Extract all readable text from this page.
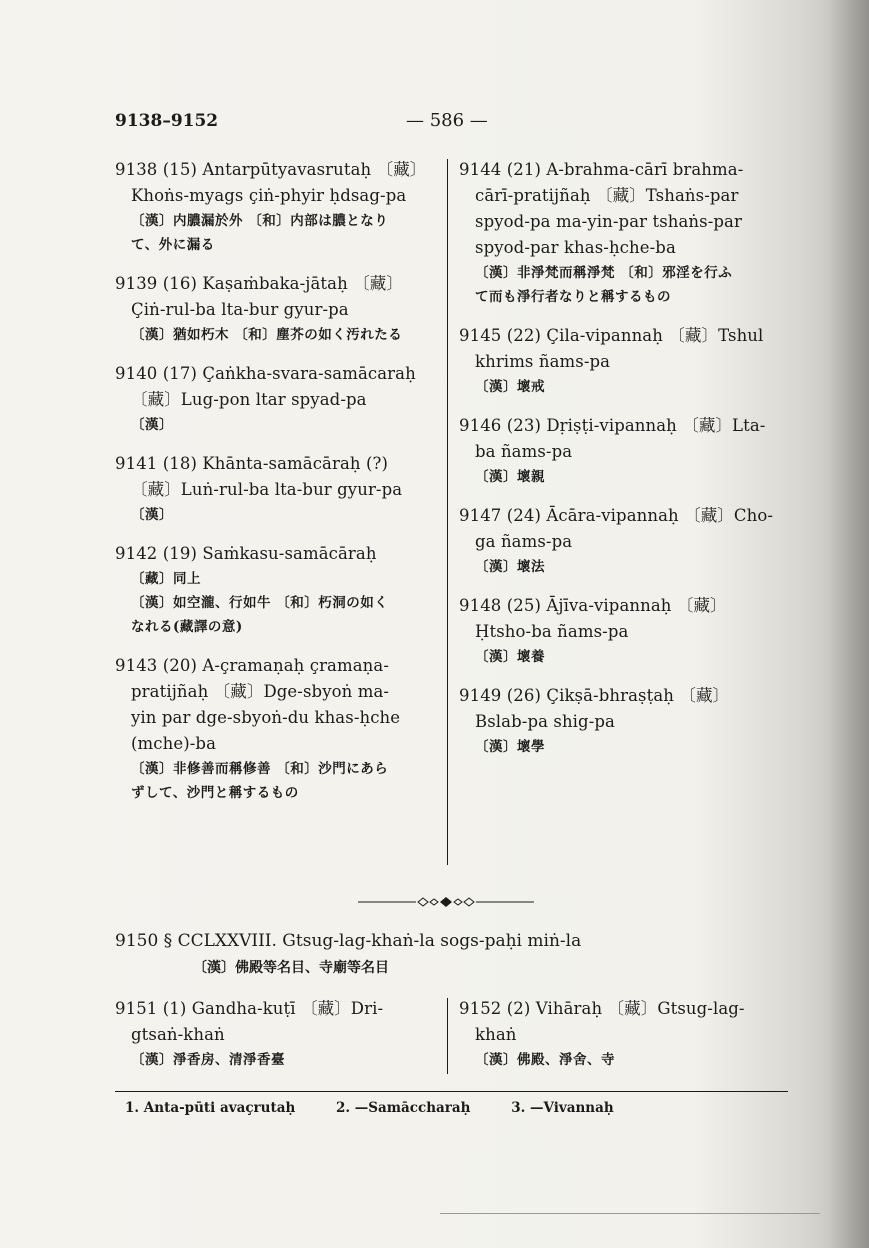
9138–9152	— 586 —
9138 (15) Antarpūtyavasrutaḥ 〔藏〕
Khoṅs-myags çiṅ-phyir ḥdsag-pa
〔漢〕内膿漏於外 〔和〕内部は膿となり
て、外に漏る
9139 (16) Kaṣaṁbaka-jātaḥ 〔藏〕
Çiṅ-rul-ba lta-bur gyur-pa
〔漢〕猶如朽木 〔和〕塵芥の如く汚れたる
9140 (17) Çaṅkha-svara-samācaraḥ
〔藏〕Lug-pon ltar spyad-pa
〔漢〕
9141 (18) Khānta-samācāraḥ (?)
〔藏〕Luṅ-rul-ba lta-bur gyur-pa
〔漢〕
9142 (19) Saṁkasu-samācāraḥ
〔藏〕同上
〔漢〕如空瀧、行如牛 〔和〕朽洞の如く
なれる(藏譯の意)
9143 (20) A-çramaṇaḥ çramaṇa-
pratijñaḥ 〔藏〕Dge-sbyoṅ ma-
yin par dge-sbyoṅ-du khas-ḥche
(mche)-ba
〔漢〕非修善而稱修善 〔和〕沙門にあら
ずして、沙門と稱するもの
9144 (21) A-brahma-cārī brahma-
cārī-pratijñaḥ 〔藏〕Tshaṅs-par
spyod-pa ma-yin-par tshaṅs-par
spyod-par khas-ḥche-ba
〔漢〕非淨梵而稱淨梵 〔和〕邪淫を行ふ
て而も淨行者なりと稱するもの
9145 (22) Çila-vipannaḥ 〔藏〕Tshul
khrims ñams-pa
〔漢〕壞戒
9146 (23) Dṛiṣṭi-vipannaḥ 〔藏〕Lta-
ba ñams-pa
〔漢〕壞親
9147 (24) Ācāra-vipannaḥ 〔藏〕Cho-
ga ñams-pa
〔漢〕壞法
9148 (25) Ājīva-vipannaḥ 〔藏〕
Ḥtsho-ba ñams-pa
〔漢〕壞養
9149 (26) Çikṣā-bhraṣṭaḥ 〔藏〕
Bslab-pa shig-pa
〔漢〕壞學
9150 § CCLXXVIII. Gtsug-lag-khaṅ-la sogs-paḥi miṅ-la
〔漢〕佛殿等名目、寺廟等名目
9151 (1) Gandha-kuṭī 〔藏〕Dri-
gtsaṅ-khaṅ
〔漢〕淨香房、清淨香臺
9152 (2) Vihāraḥ 〔藏〕Gtsug-lag-
khaṅ
〔漢〕佛殿、淨舍、寺
1. Anta-pūti avaçrutaḥ	2. —Samāccharaḥ	3. —Vivannaḥ
